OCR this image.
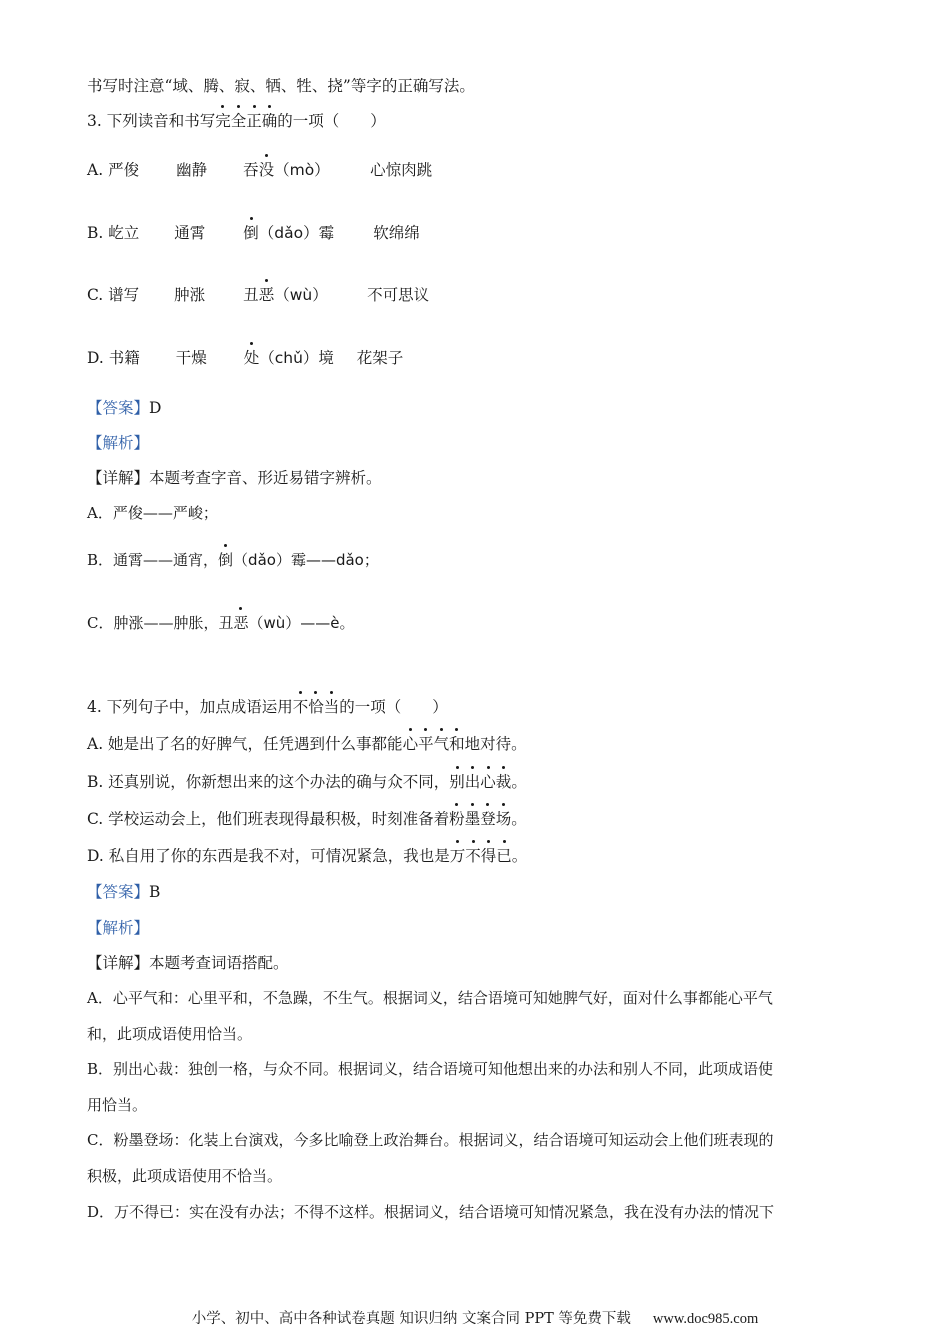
书写时注意“域、腾、寂、牺、牲、挠”等字的正确写法。
3. 下列读音和书写完全正确的一项（　　）
A. 严俊 幽静 吞没（mò）	心惊肉跳
B. 屹立 通霄 倒（dǎo）霉	软绵绵
C. 谱写 肿涨 丑恶（wù）	不可思议
D. 书籍 干燥 处（chǔ）境 花架子
【答案】D
【解析】
【详解】本题考查字音、形近易错字辨析。
A．严俊——严峻；
B．通霄——通宵，倒（dǎo）霉——dǎo；
C．肿涨——肿胀，丑恶（wù）——è。
4. 下列句子中，加点成语运用不恰当的一项（　　）
A. 她是出了名的好脾气，任凭遇到什么事都能心平气和地对待。
B. 还真别说，你新想出来的这个办法的确与众不同，别出心裁。
C. 学校运动会上，他们班表现得最积极，时刻准备着粉墨登场。
D. 私自用了你的东西是我不对，可情况紧急，我也是万不得已。
【答案】B
【解析】
【详解】本题考查词语搭配。
A．心平气和：心里平和，不急躁，不生气。根据词义，结合语境可知她脾气好，面对什么事都能心平气
和，此项成语使用恰当。
B．别出心裁：独创一格，与众不同。根据词义，结合语境可知他想出来的办法和别人不同，此项成语使
用恰当。
C．粉墨登场：化装上台演戏，今多比喻登上政治舞台。根据词义，结合语境可知运动会上他们班表现的
积极，此项成语使用不恰当。
D．万不得已：实在没有办法；不得不这样。根据词义，结合语境可知情况紧急，我在没有办法的情况下
小学、初中、高中各种试卷真题 知识归纳 文案合同 PPT 等免费下载 www.doc985.com
